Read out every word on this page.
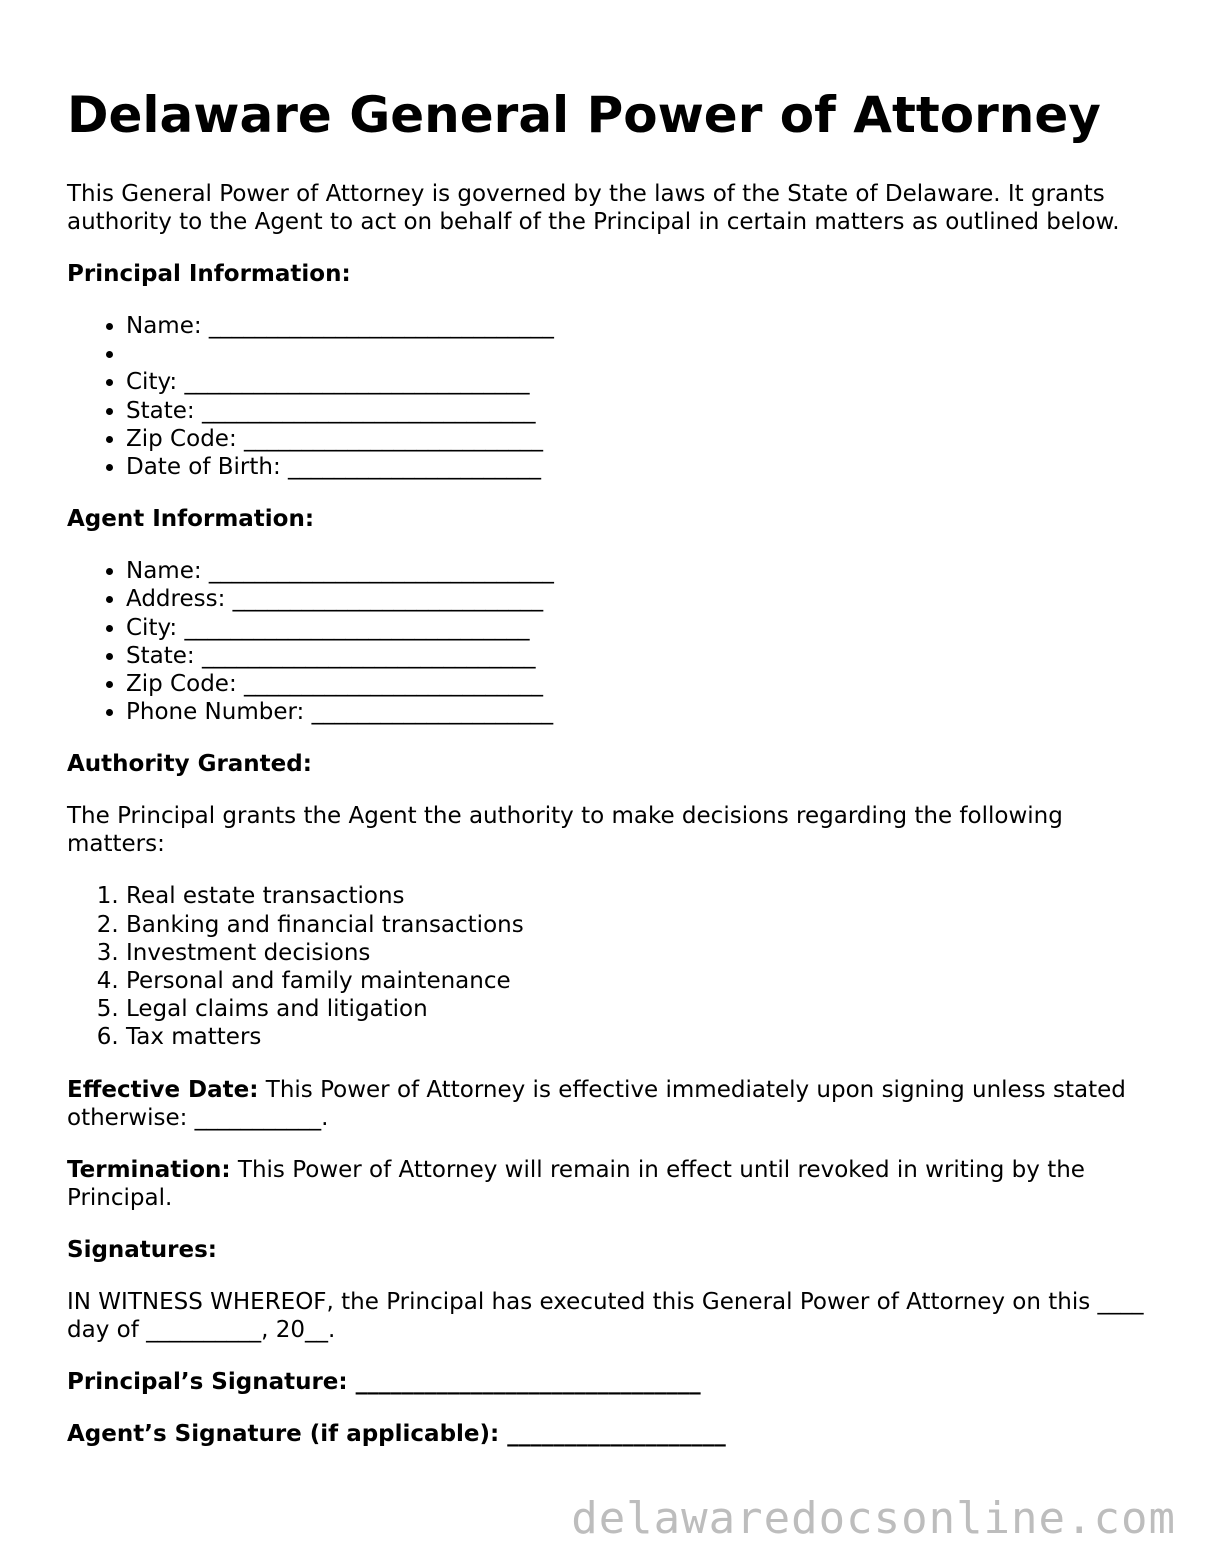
Delaware General Power of Attorney

This General Power of Attorney is governed by the laws of the State of Delaware. It grants authority to the Agent to act on behalf of the Principal in certain matters as outlined below.

Principal Information:

• Name: ______________________________
•
• City: ______________________________
• State: _____________________________
• Zip Code: __________________________
• Date of Birth: ______________________

Agent Information:

• Name: ______________________________
• Address: ___________________________
• City: ______________________________
• State: _____________________________
• Zip Code: __________________________
• Phone Number: _____________________

Authority Granted:

The Principal grants the Agent the authority to make decisions regarding the following matters:

1. Real estate transactions
2. Banking and financial transactions
3. Investment decisions
4. Personal and family maintenance
5. Legal claims and litigation
6. Tax matters

Effective Date: This Power of Attorney is effective immediately upon signing unless stated otherwise: ___________.

Termination: This Power of Attorney will remain in effect until revoked in writing by the Principal.

Signatures:

IN WITNESS WHEREOF, the Principal has executed this General Power of Attorney on this ____ day of __________, 20__.

Principal’s Signature: ______________________________

Agent’s Signature (if applicable): ___________________

delawaredocsonline.com
